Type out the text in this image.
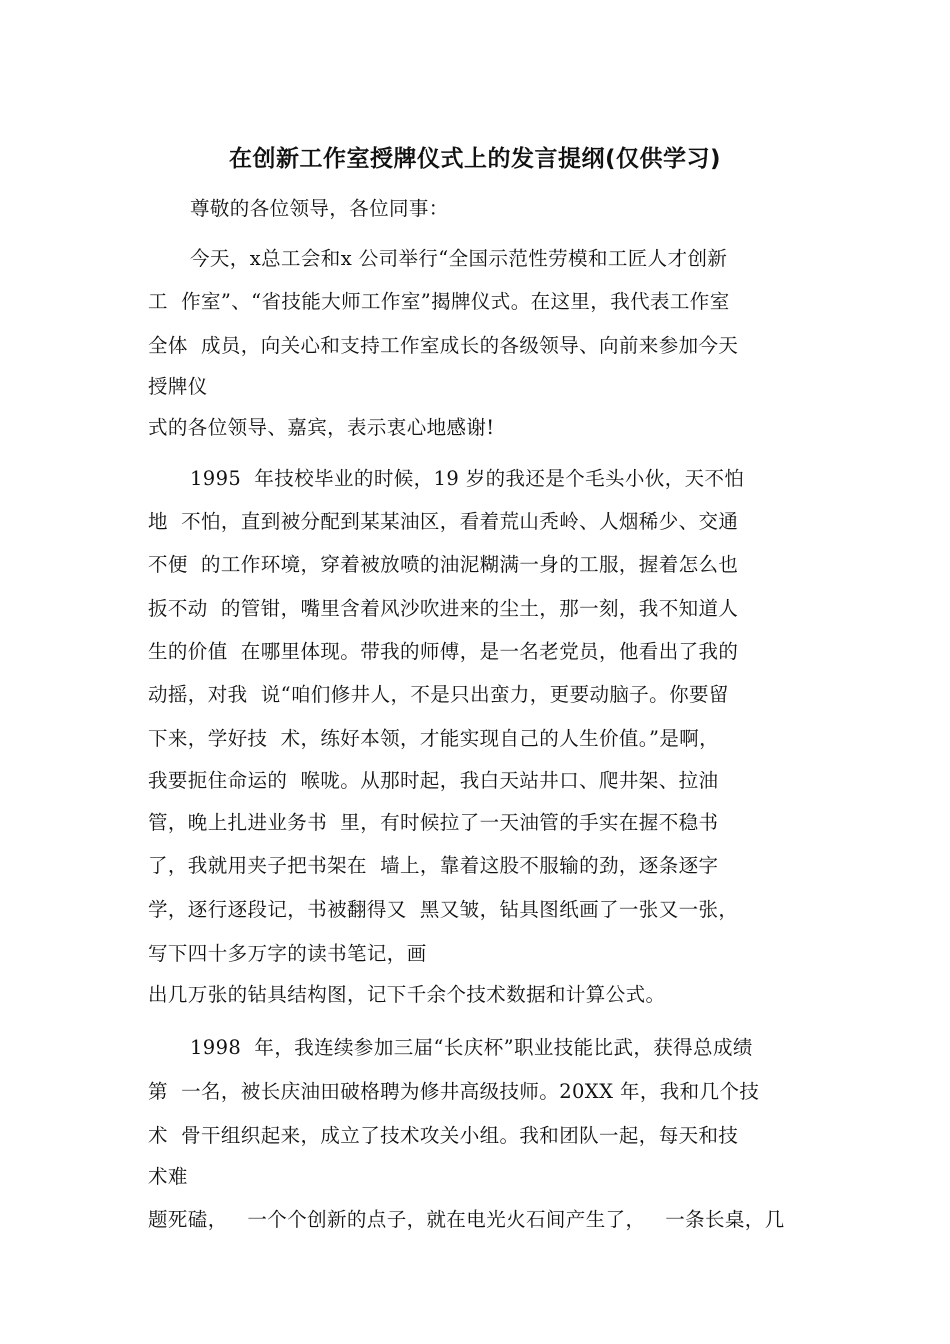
在创新工作室授牌仪式上的发言提纲(仅供学习)
尊敬的各位领导，各位同事：
今天，x总工会和x 公司举行“全国示范性劳模和工匠人才创新
工  作室”、“省技能大师工作室”揭牌仪式。在这里，我代表工作室
全体  成员，向关心和支持工作室成长的各级领导、向前来参加今天
授牌仪
式的各位领导、嘉宾，表示衷心地感谢!
1995  年技校毕业的时候，19 岁的我还是个毛头小伙，天不怕
地  不怕，直到被分配到某某油区，看着荒山秃岭、人烟稀少、交通
不便  的工作环境，穿着被放喷的油泥糊满一身的工服，握着怎么也
扳不动  的管钳，嘴里含着风沙吹进来的尘土，那一刻，我不知道人
生的价值  在哪里体现。带我的师傅，是一名老党员，他看出了我的
动摇，对我  说“咱们修井人，不是只出蛮力，更要动脑子。你要留
下来，学好技  术，练好本领，才能实现自己的人生价值。”是啊，
我要扼住命运的  喉咙。从那时起，我白天站井口、爬井架、拉油
管，晚上扎进业务书  里，有时候拉了一天油管的手实在握不稳书
了，我就用夹子把书架在  墙上，靠着这股不服输的劲，逐条逐字
学，逐行逐段记，书被翻得又  黑又皱，钻具图纸画了一张又一张，
写下四十多万字的读书笔记，画
出几万张的钻具结构图，记下千余个技术数据和计算公式。
1998  年，我连续参加三届“长庆杯”职业技能比武，获得总成绩
第  一名，被长庆油田破格聘为修井高级技师。20XX 年，我和几个技
术  骨干组织起来，成立了技术攻关小组。我和团队一起，每天和技
术难
题死磕，   一个个创新的点子，就在电光火石间产生了，   一条长桌，几
